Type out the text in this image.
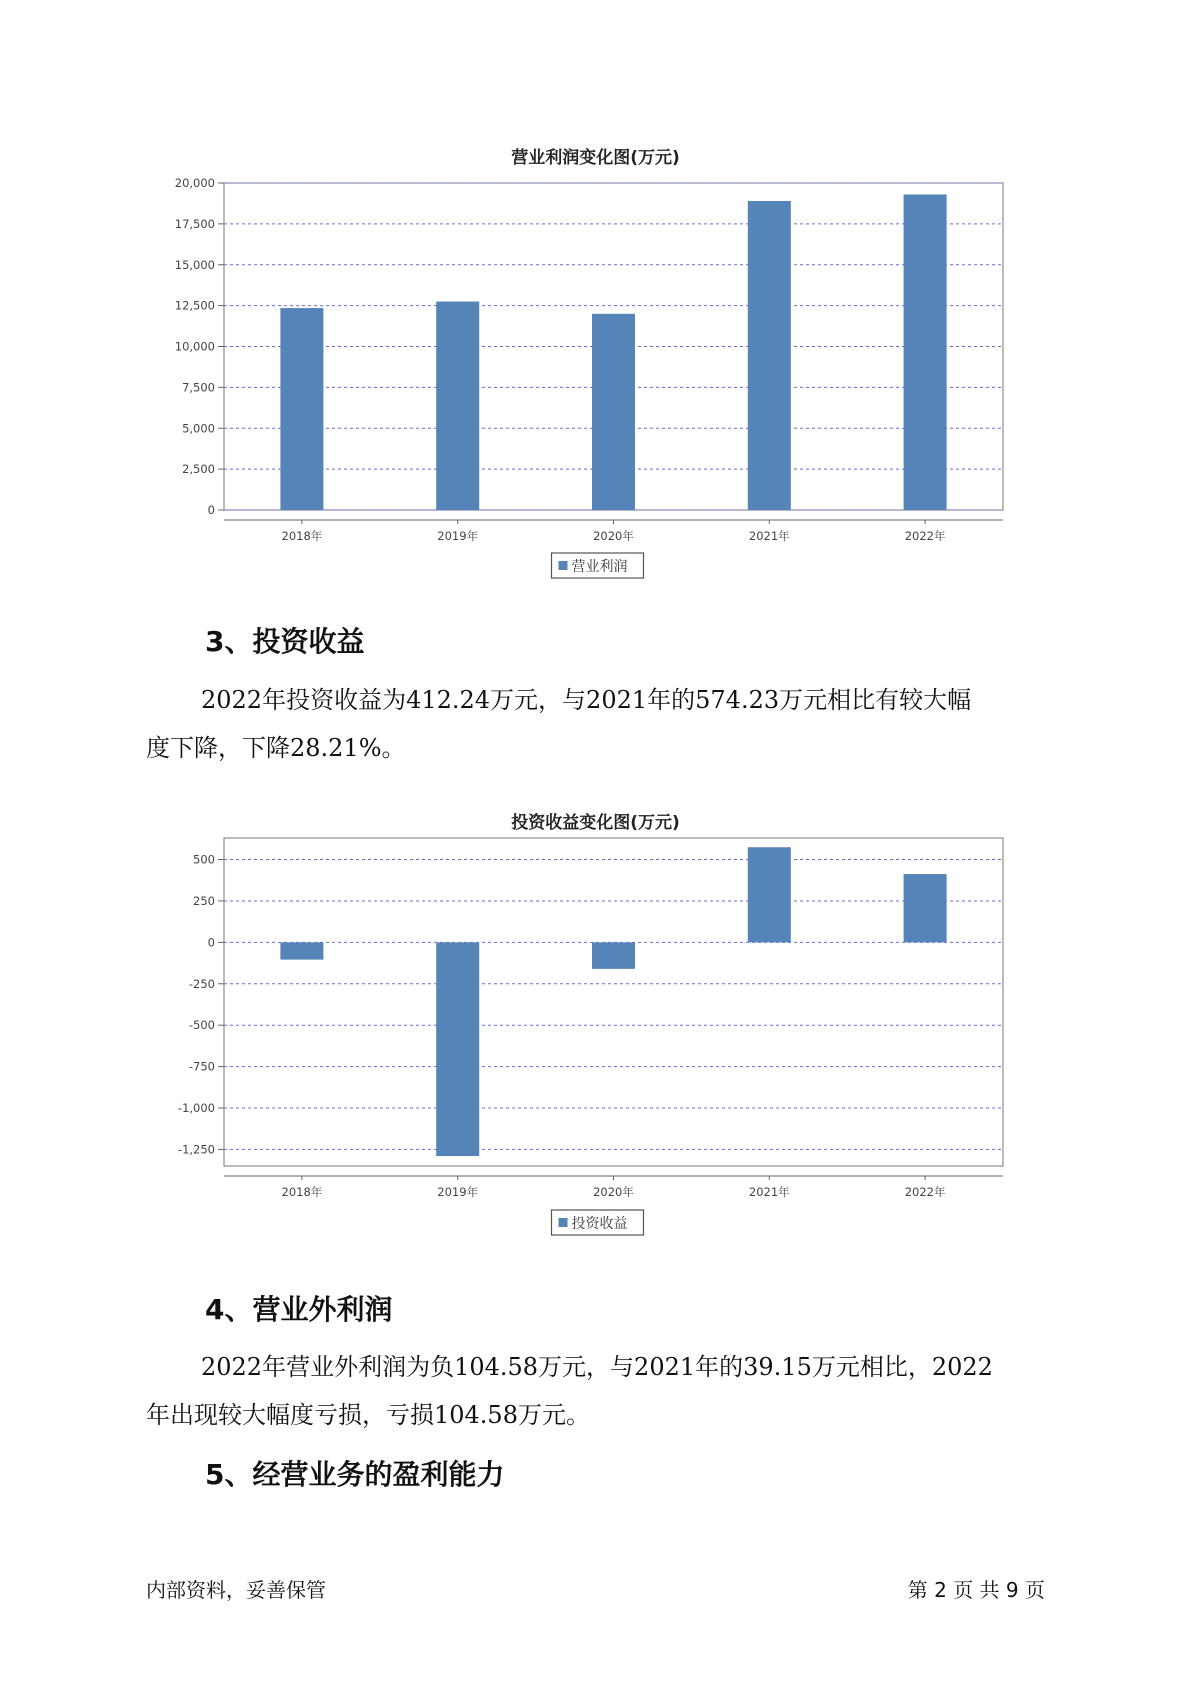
营业利润变化图(万元)
0
2,500
5,000
7,500
10,000
12,500
15,000
17,500
20,000
2018年	2019年	2020年	2021年	2022年
营业利润
3、投资收益
2022年投资收益为412.24万元，与2021年的574.23万元相比有较大幅
度下降，下降28.21%。
投资收益变化图(万元)
-1,250
-1,000
-750
-500
-250
0
250
500
2018年	2019年	2020年	2021年	2022年
投资收益
4、营业外利润
2022年营业外利润为负104.58万元，与2021年的39.15万元相比，2022
年出现较大幅度亏损，亏损104.58万元。
5、经营业务的盈利能力
内部资料，妥善保管	第 2 页 共 9 页
